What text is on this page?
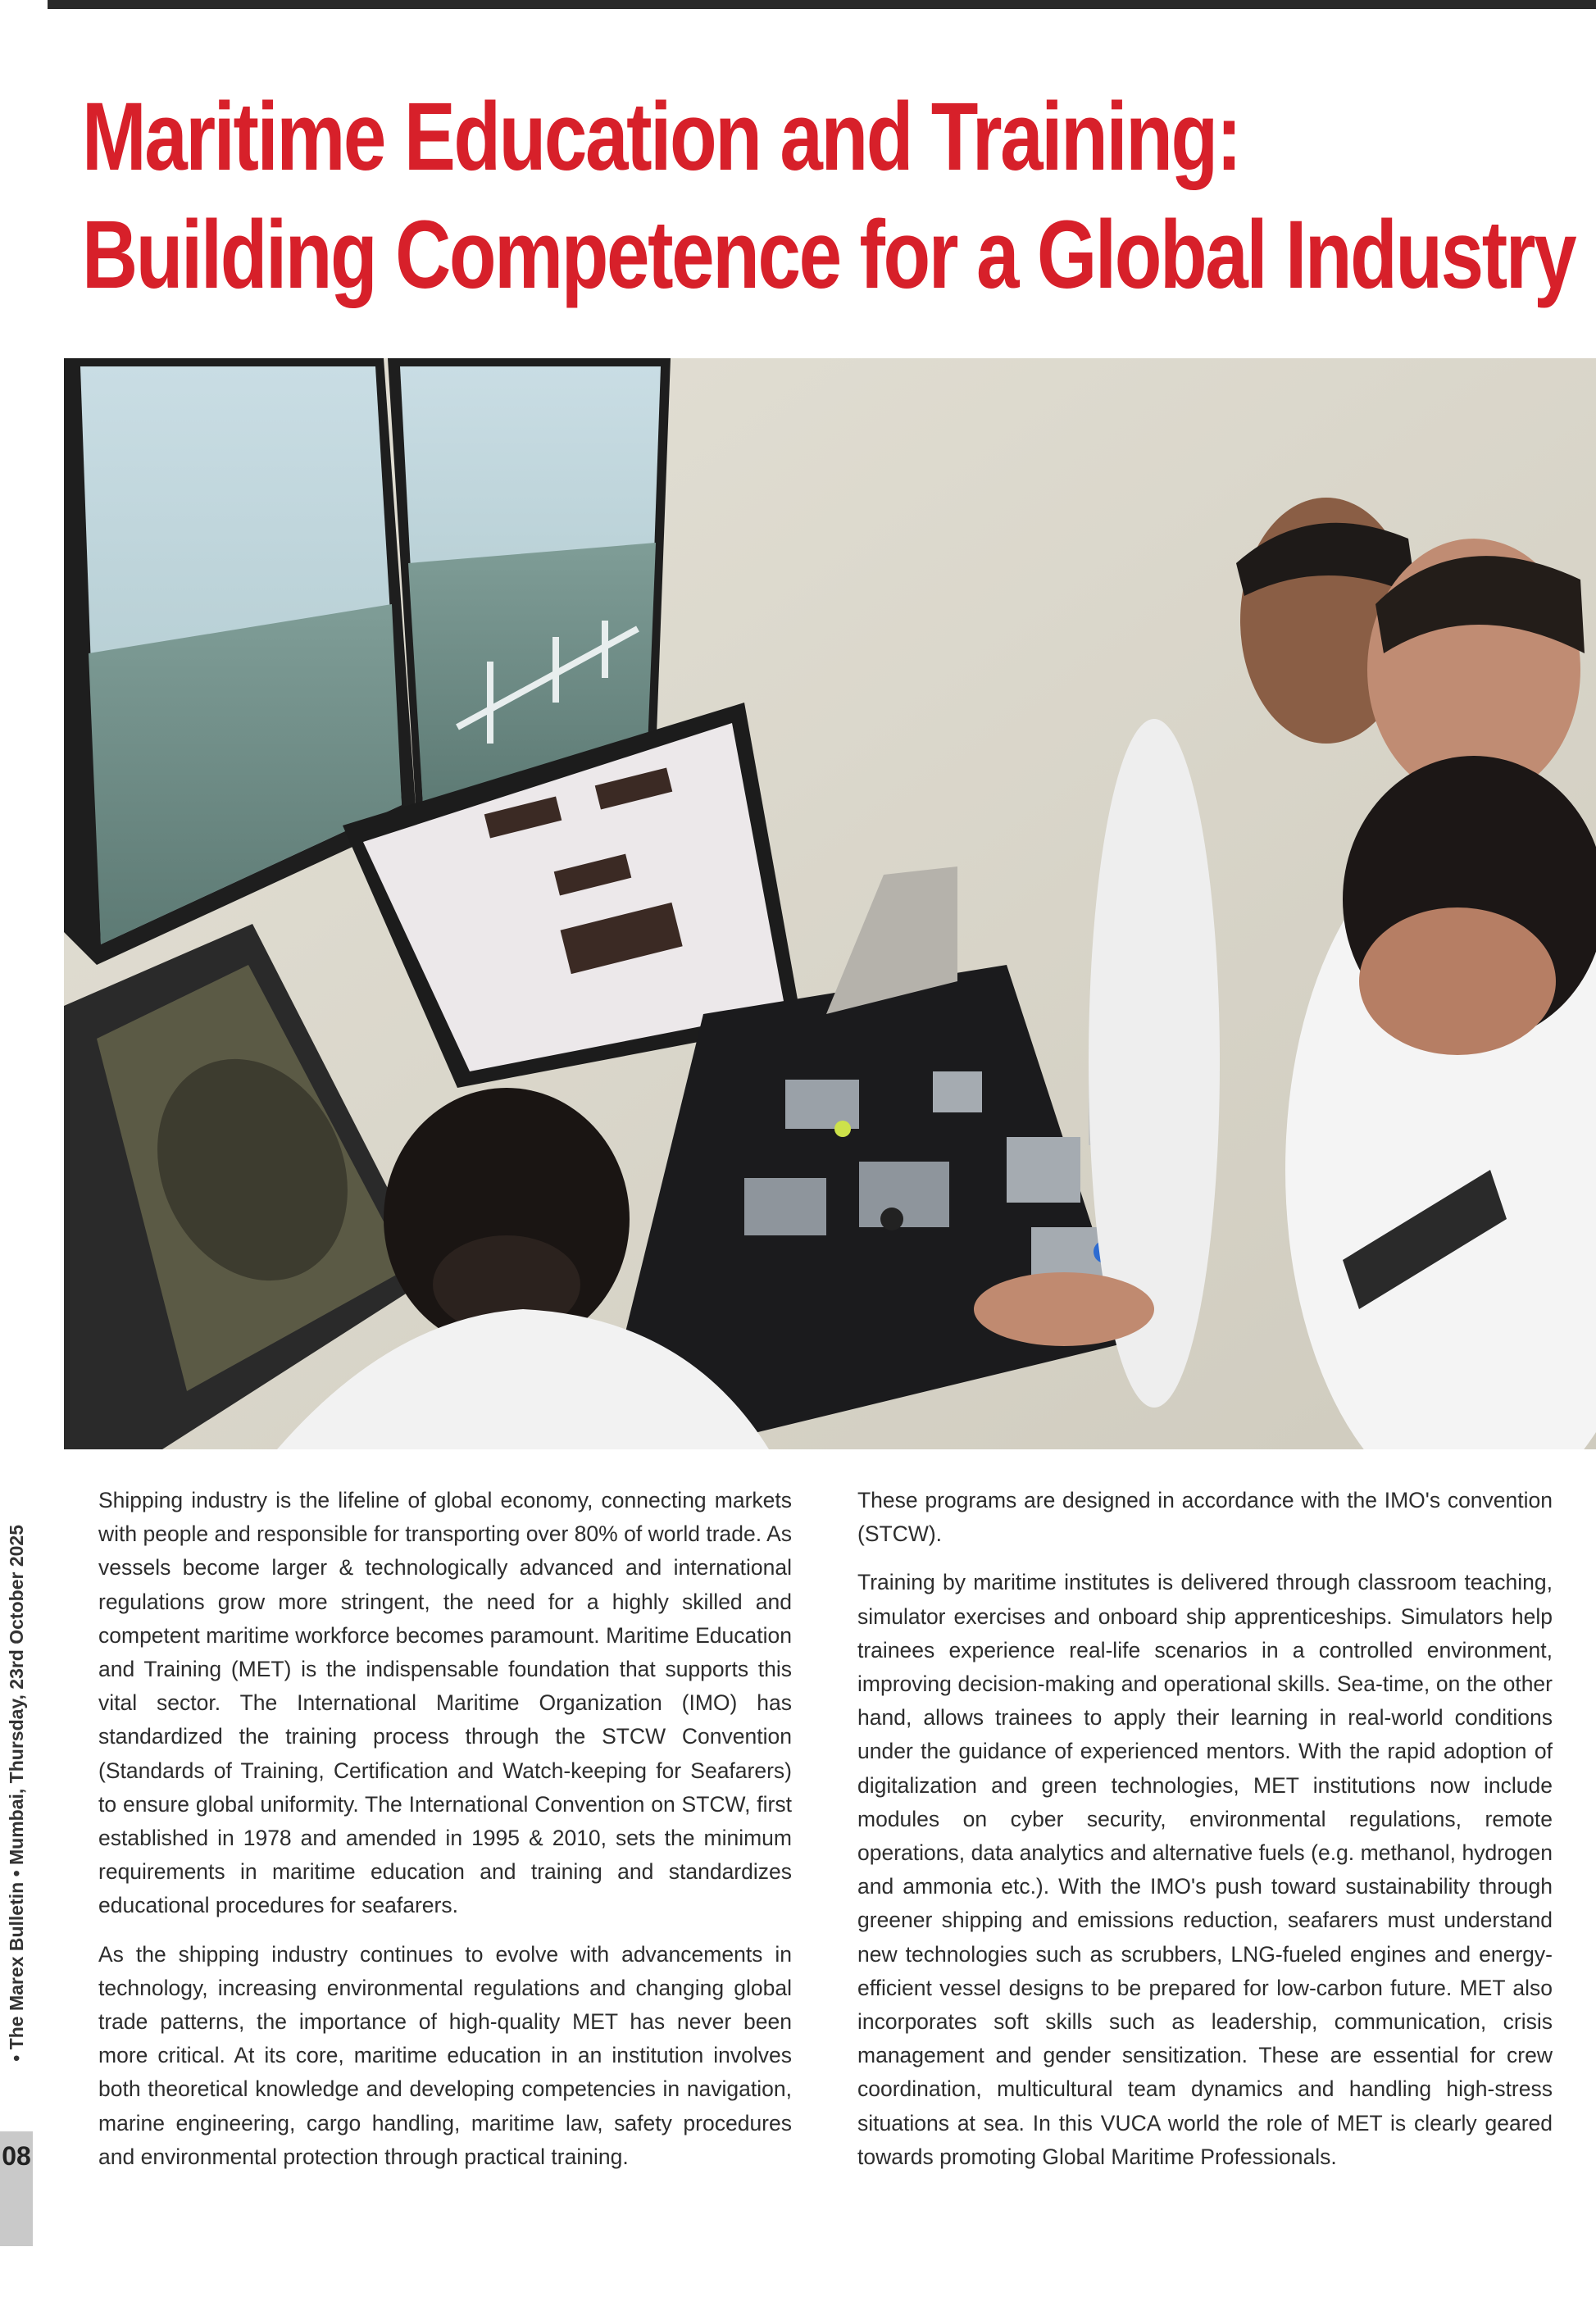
Maritime Education and Training:
Building Competence for a Global Industry
• The Marex Bulletin • Mumbai, Thursday, 23rd October 2025
08

Shipping industry is the lifeline of global economy, connecting markets with people and responsible for transporting over 80% of world trade. As vessels become larger & technologically advanced and international regulations grow more stringent, the need for a highly skilled and competent maritime workforce becomes paramount. Maritime Education and Training (MET) is the indispensable foundation that supports this vital sector. The International Maritime Organization (IMO) has standardized the training process through the STCW Convention (Standards of Training, Certification and Watch-keeping for Seafarers) to ensure global uniformity. The International Convention on STCW, first established in 1978 and amended in 1995 & 2010, sets the minimum requirements in maritime education and training and standardizes educational procedures for seafarers.

As the shipping industry continues to evolve with advancements in technology, increasing environmental regulations and changing global trade patterns, the importance of high-quality MET has never been more critical. At its core, maritime education in an institution involves both theoretical knowledge and developing competencies in navigation, marine engineering, cargo handling, maritime law, safety procedures and environmental protection through practical training.

These programs are designed in accordance with the IMO's convention (STCW).

Training by maritime institutes is delivered through classroom teaching, simulator exercises and onboard ship apprenticeships. Simulators help trainees experience real-life scenarios in a controlled environment, improving decision-making and operational skills. Sea-time, on the other hand, allows trainees to apply their learning in real-world conditions under the guidance of experienced mentors. With the rapid adoption of digitalization and green technologies, MET institutions now include modules on cyber security, environmental regulations, remote operations, data analytics and alternative fuels (e.g. methanol, hydrogen and ammonia etc.). With the IMO's push toward sustainability through greener shipping and emissions reduction, seafarers must understand new technologies such as scrubbers, LNG-fueled engines and energy-efficient vessel designs to be prepared for low-carbon future. MET also incorporates soft skills such as leadership, communication, crisis management and gender sensitization. These are essential for crew coordination, multicultural team dynamics and handling high-stress situations at sea. In this VUCA world the role of MET is clearly geared towards promoting Global Maritime Professionals.
